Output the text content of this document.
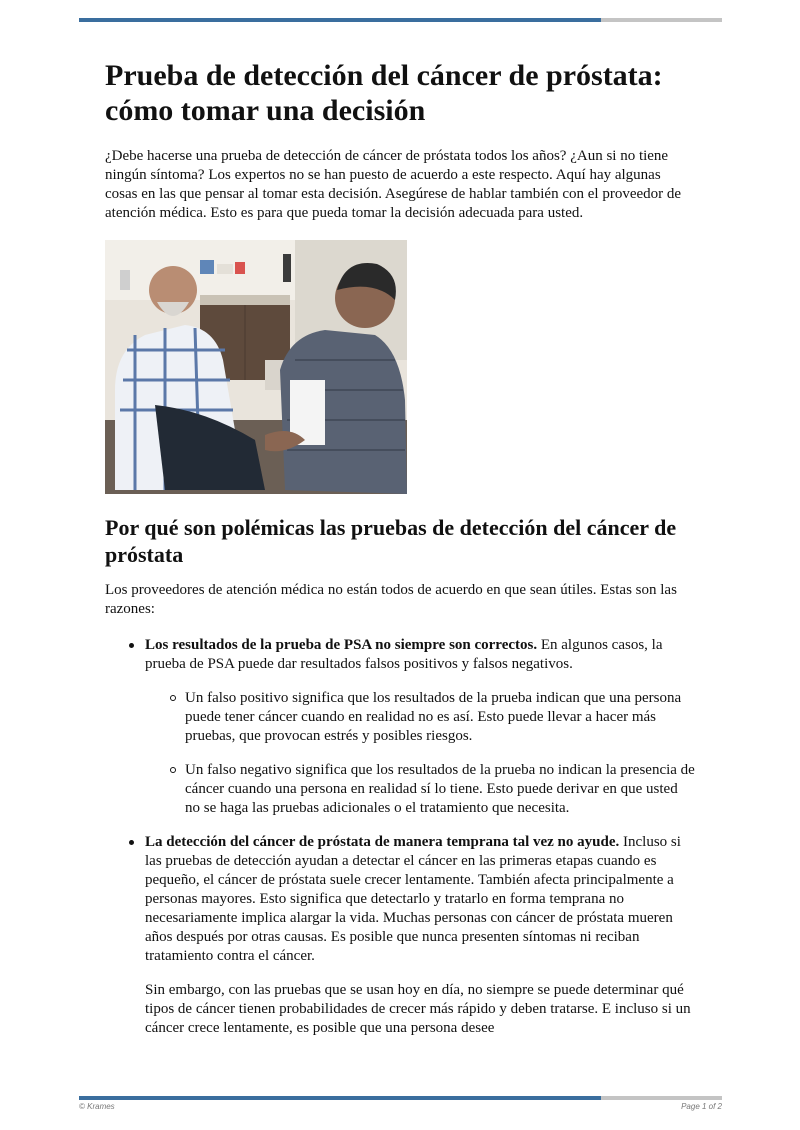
Prueba de detección del cáncer de próstata: cómo tomar una decisión

¿Debe hacerse una prueba de detección de cáncer de próstata todos los años? ¿Aun si no tiene ningún síntoma? Los expertos no se han puesto de acuerdo a este respecto. Aquí hay algunas cosas en las que pensar al tomar esta decisión. Asegúrese de hablar también con el proveedor de atención médica. Esto es para que pueda tomar la decisión adecuada para usted.

Por qué son polémicas las pruebas de detección del cáncer de próstata

Los proveedores de atención médica no están todos de acuerdo en que sean útiles. Estas son las razones:

Los resultados de la prueba de PSA no siempre son correctos. En algunos casos, la prueba de PSA puede dar resultados falsos positivos y falsos negativos.
Un falso positivo significa que los resultados de la prueba indican que una persona puede tener cáncer cuando en realidad no es así. Esto puede llevar a hacer más pruebas, que provocan estrés y posibles riesgos.
Un falso negativo significa que los resultados de la prueba no indican la presencia de cáncer cuando una persona en realidad sí lo tiene. Esto puede derivar en que usted no se haga las pruebas adicionales o el tratamiento que necesita.
La detección del cáncer de próstata de manera temprana tal vez no ayude. Incluso si las pruebas de detección ayudan a detectar el cáncer en las primeras etapas cuando es pequeño, el cáncer de próstata suele crecer lentamente. También afecta principalmente a personas mayores. Esto significa que detectarlo y tratarlo en forma temprana no necesariamente implica alargar la vida. Muchas personas con cáncer de próstata mueren años después por otras causas. Es posible que nunca presenten síntomas ni reciban tratamiento contra el cáncer.
Sin embargo, con las pruebas que se usan hoy en día, no siempre se puede determinar qué tipos de cáncer tienen probabilidades de crecer más rápido y deben tratarse. E incluso si un cáncer crece lentamente, es posible que una persona desee
© Krames	Page 1 of 2
